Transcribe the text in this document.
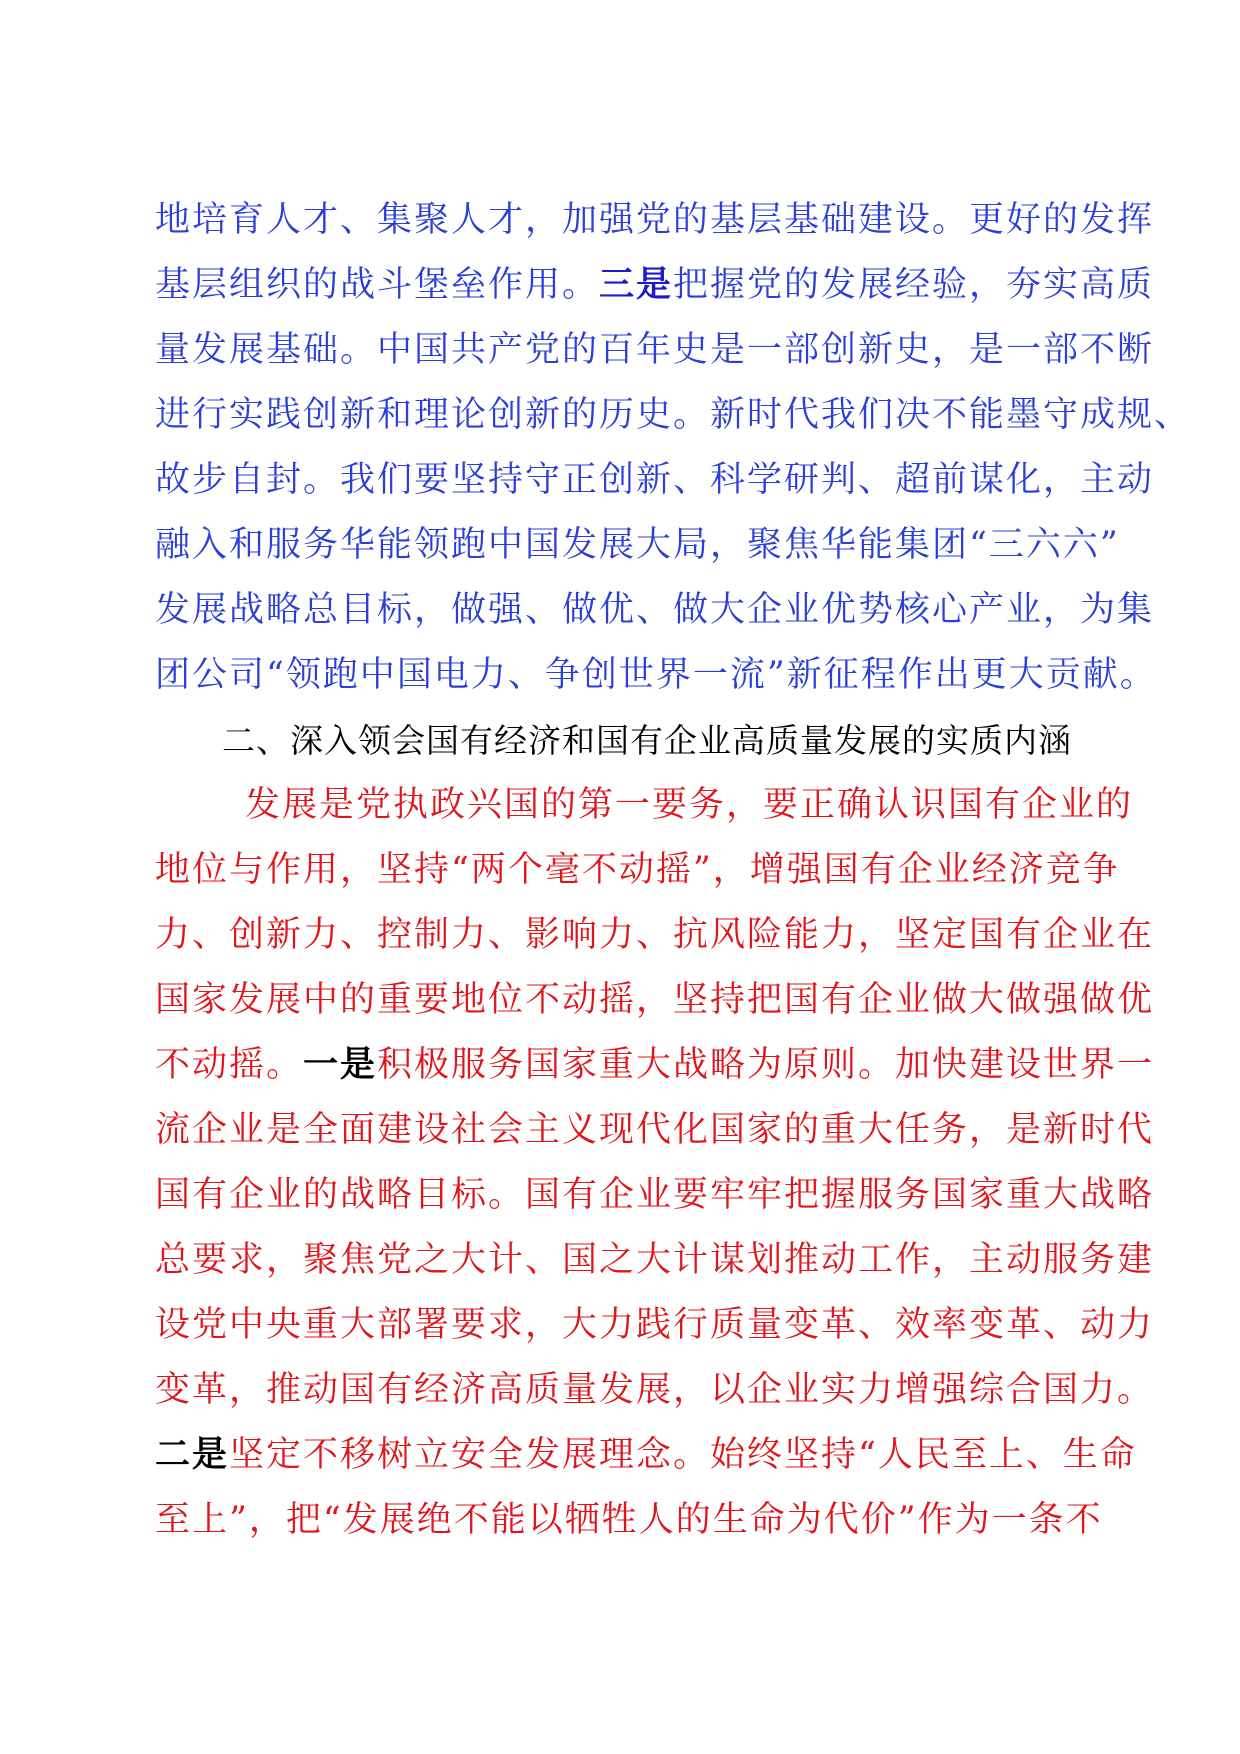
地培育人才、集聚人才，加强党的基层基础建设。更好的发挥
基层组织的战斗堡垒作用。三是把握党的发展经验，夯实高质
量发展基础。中国共产党的百年史是一部创新史，是一部不断
进行实践创新和理论创新的历史。新时代我们决不能墨守成规、
故步自封。我们要坚持守正创新、科学研判、超前谋化，主动
融入和服务华能领跑中国发展大局，聚焦华能集团“三六六”
发展战略总目标，做强、做优、做大企业优势核心产业，为集
团公司“领跑中国电力、争创世界一流”新征程作出更大贡献。
二、深入领会国有经济和国有企业高质量发展的实质内涵
发展是党执政兴国的第一要务，要正确认识国有企业的
地位与作用，坚持“两个毫不动摇”，增强国有企业经济竞争
力、创新力、控制力、影响力、抗风险能力，坚定国有企业在
国家发展中的重要地位不动摇，坚持把国有企业做大做强做优
不动摇。一是积极服务国家重大战略为原则。加快建设世界一
流企业是全面建设社会主义现代化国家的重大任务，是新时代
国有企业的战略目标。国有企业要牢牢把握服务国家重大战略
总要求，聚焦党之大计、国之大计谋划推动工作，主动服务建
设党中央重大部署要求，大力践行质量变革、效率变革、动力
变革，推动国有经济高质量发展，以企业实力增强综合国力。
二是坚定不移树立安全发展理念。始终坚持“人民至上、生命
至上”，把“发展绝不能以牺牲人的生命为代价”作为一条不
